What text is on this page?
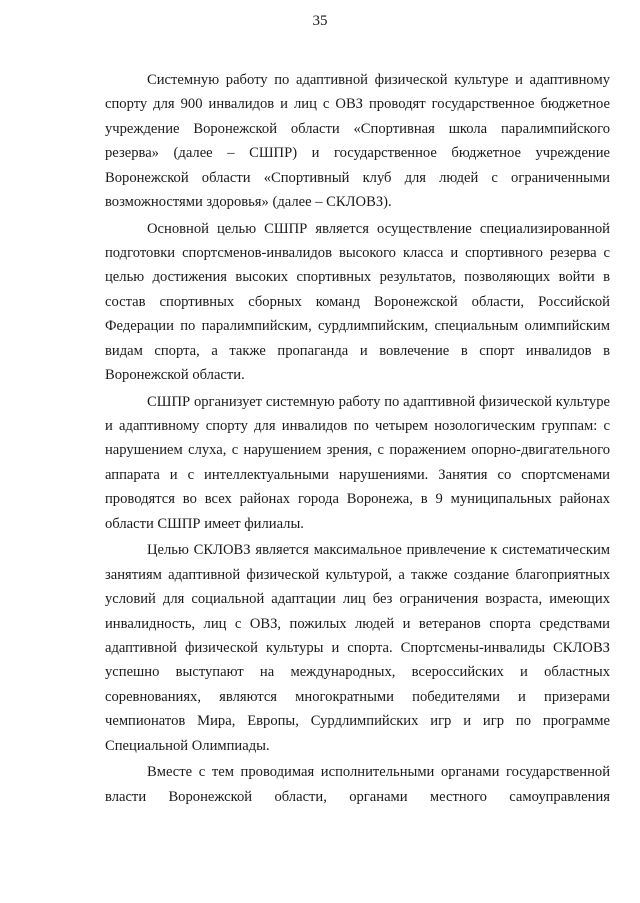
35

Системную работу по адаптивной физической культуре и адаптивному спорту для 900 инвалидов и лиц с ОВЗ проводят государственное бюджетное учреждение Воронежской области «Спортивная школа паралимпийского резерва» (далее – СШПР) и государственное бюджетное учреждение Воронежской области «Спортивный клуб для людей с ограниченными возможностями здоровья» (далее – СКЛОВЗ).

Основной целью СШПР является осуществление специализированной подготовки спортсменов-инвалидов высокого класса и спортивного резерва с целью достижения высоких спортивных результатов, позволяющих войти в состав спортивных сборных команд Воронежской области, Российской Федерации по паралимпийским, сурдлимпийским, специальным олимпийским видам спорта, а также пропаганда и вовлечение в спорт инвалидов в Воронежской области.

СШПР организует системную работу по адаптивной физической культуре и адаптивному спорту для инвалидов по четырем нозологическим группам: с нарушением слуха, с нарушением зрения, с поражением опорно-двигательного аппарата и с интеллектуальными нарушениями. Занятия со спортсменами проводятся во всех районах города Воронежа, в 9 муниципальных районах области СШПР имеет филиалы.

Целью СКЛОВЗ является максимальное привлечение к систематическим занятиям адаптивной физической культурой, а также создание благоприятных условий для социальной адаптации лиц без ограничения возраста, имеющих инвалидность, лиц с ОВЗ, пожилых людей и ветеранов спорта средствами адаптивной физической культуры и спорта. Спортсмены-инвалиды СКЛОВЗ успешно выступают на международных, всероссийских и областных соревнованиях, являются многократными победителями и призерами чемпионатов Мира, Европы, Сурдлимпийских игр и игр по программе Специальной Олимпиады.

Вместе с тем проводимая исполнительными органами государственной власти Воронежской области, органами местного самоуправления
